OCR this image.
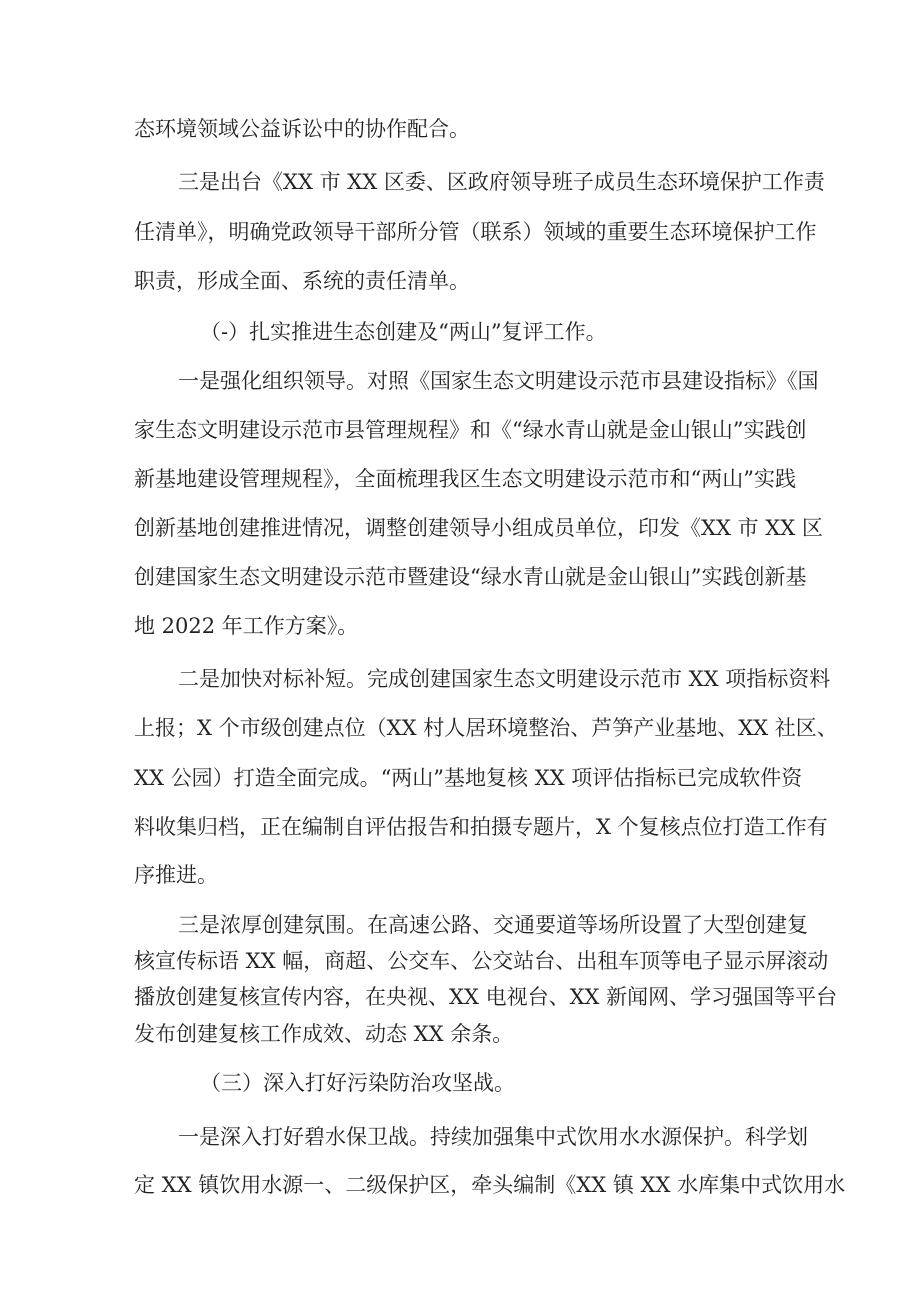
态环境领域公益诉讼中的协作配合。
三是出台《XX 市 XX 区委、区政府领导班子成员生态环境保护工作责
任清单》，明确党政领导干部所分管（联系）领域的重要生态环境保护工作
职责，形成全面、系统的责任清单。
（-）扎实推进生态创建及“两山”复评工作。
一是强化组织领导。对照《国家生态文明建设示范市县建设指标》《国
家生态文明建设示范市县管理规程》和《“绿水青山就是金山银山”实践创
新基地建设管理规程》，全面梳理我区生态文明建设示范市和“两山”实践
创新基地创建推进情况，调整创建领导小组成员单位，印发《XX 市 XX 区
创建国家生态文明建设示范市暨建设“绿水青山就是金山银山”实践创新基
地 2022 年工作方案》。
二是加快对标补短。完成创建国家生态文明建设示范市 XX 项指标资料
上报；X 个市级创建点位（XX 村人居环境整治、芦笋产业基地、XX 社区、
XX 公园）打造全面完成。“两山”基地复核 XX 项评估指标已完成软件资
料收集归档，正在编制自评估报告和拍摄专题片，X 个复核点位打造工作有
序推进。
三是浓厚创建氛围。在高速公路、交通要道等场所设置了大型创建复
核宣传标语 XX 幅，商超、公交车、公交站台、出租车顶等电子显示屏滚动
播放创建复核宣传内容，在央视、XX 电视台、XX 新闻网、学习强国等平台
发布创建复核工作成效、动态 XX 余条。
（三）深入打好污染防治攻坚战。
一是深入打好碧水保卫战。持续加强集中式饮用水水源保护。科学划
定 XX 镇饮用水源一、二级保护区，牵头编制《XX 镇 XX 水库集中式饮用水
